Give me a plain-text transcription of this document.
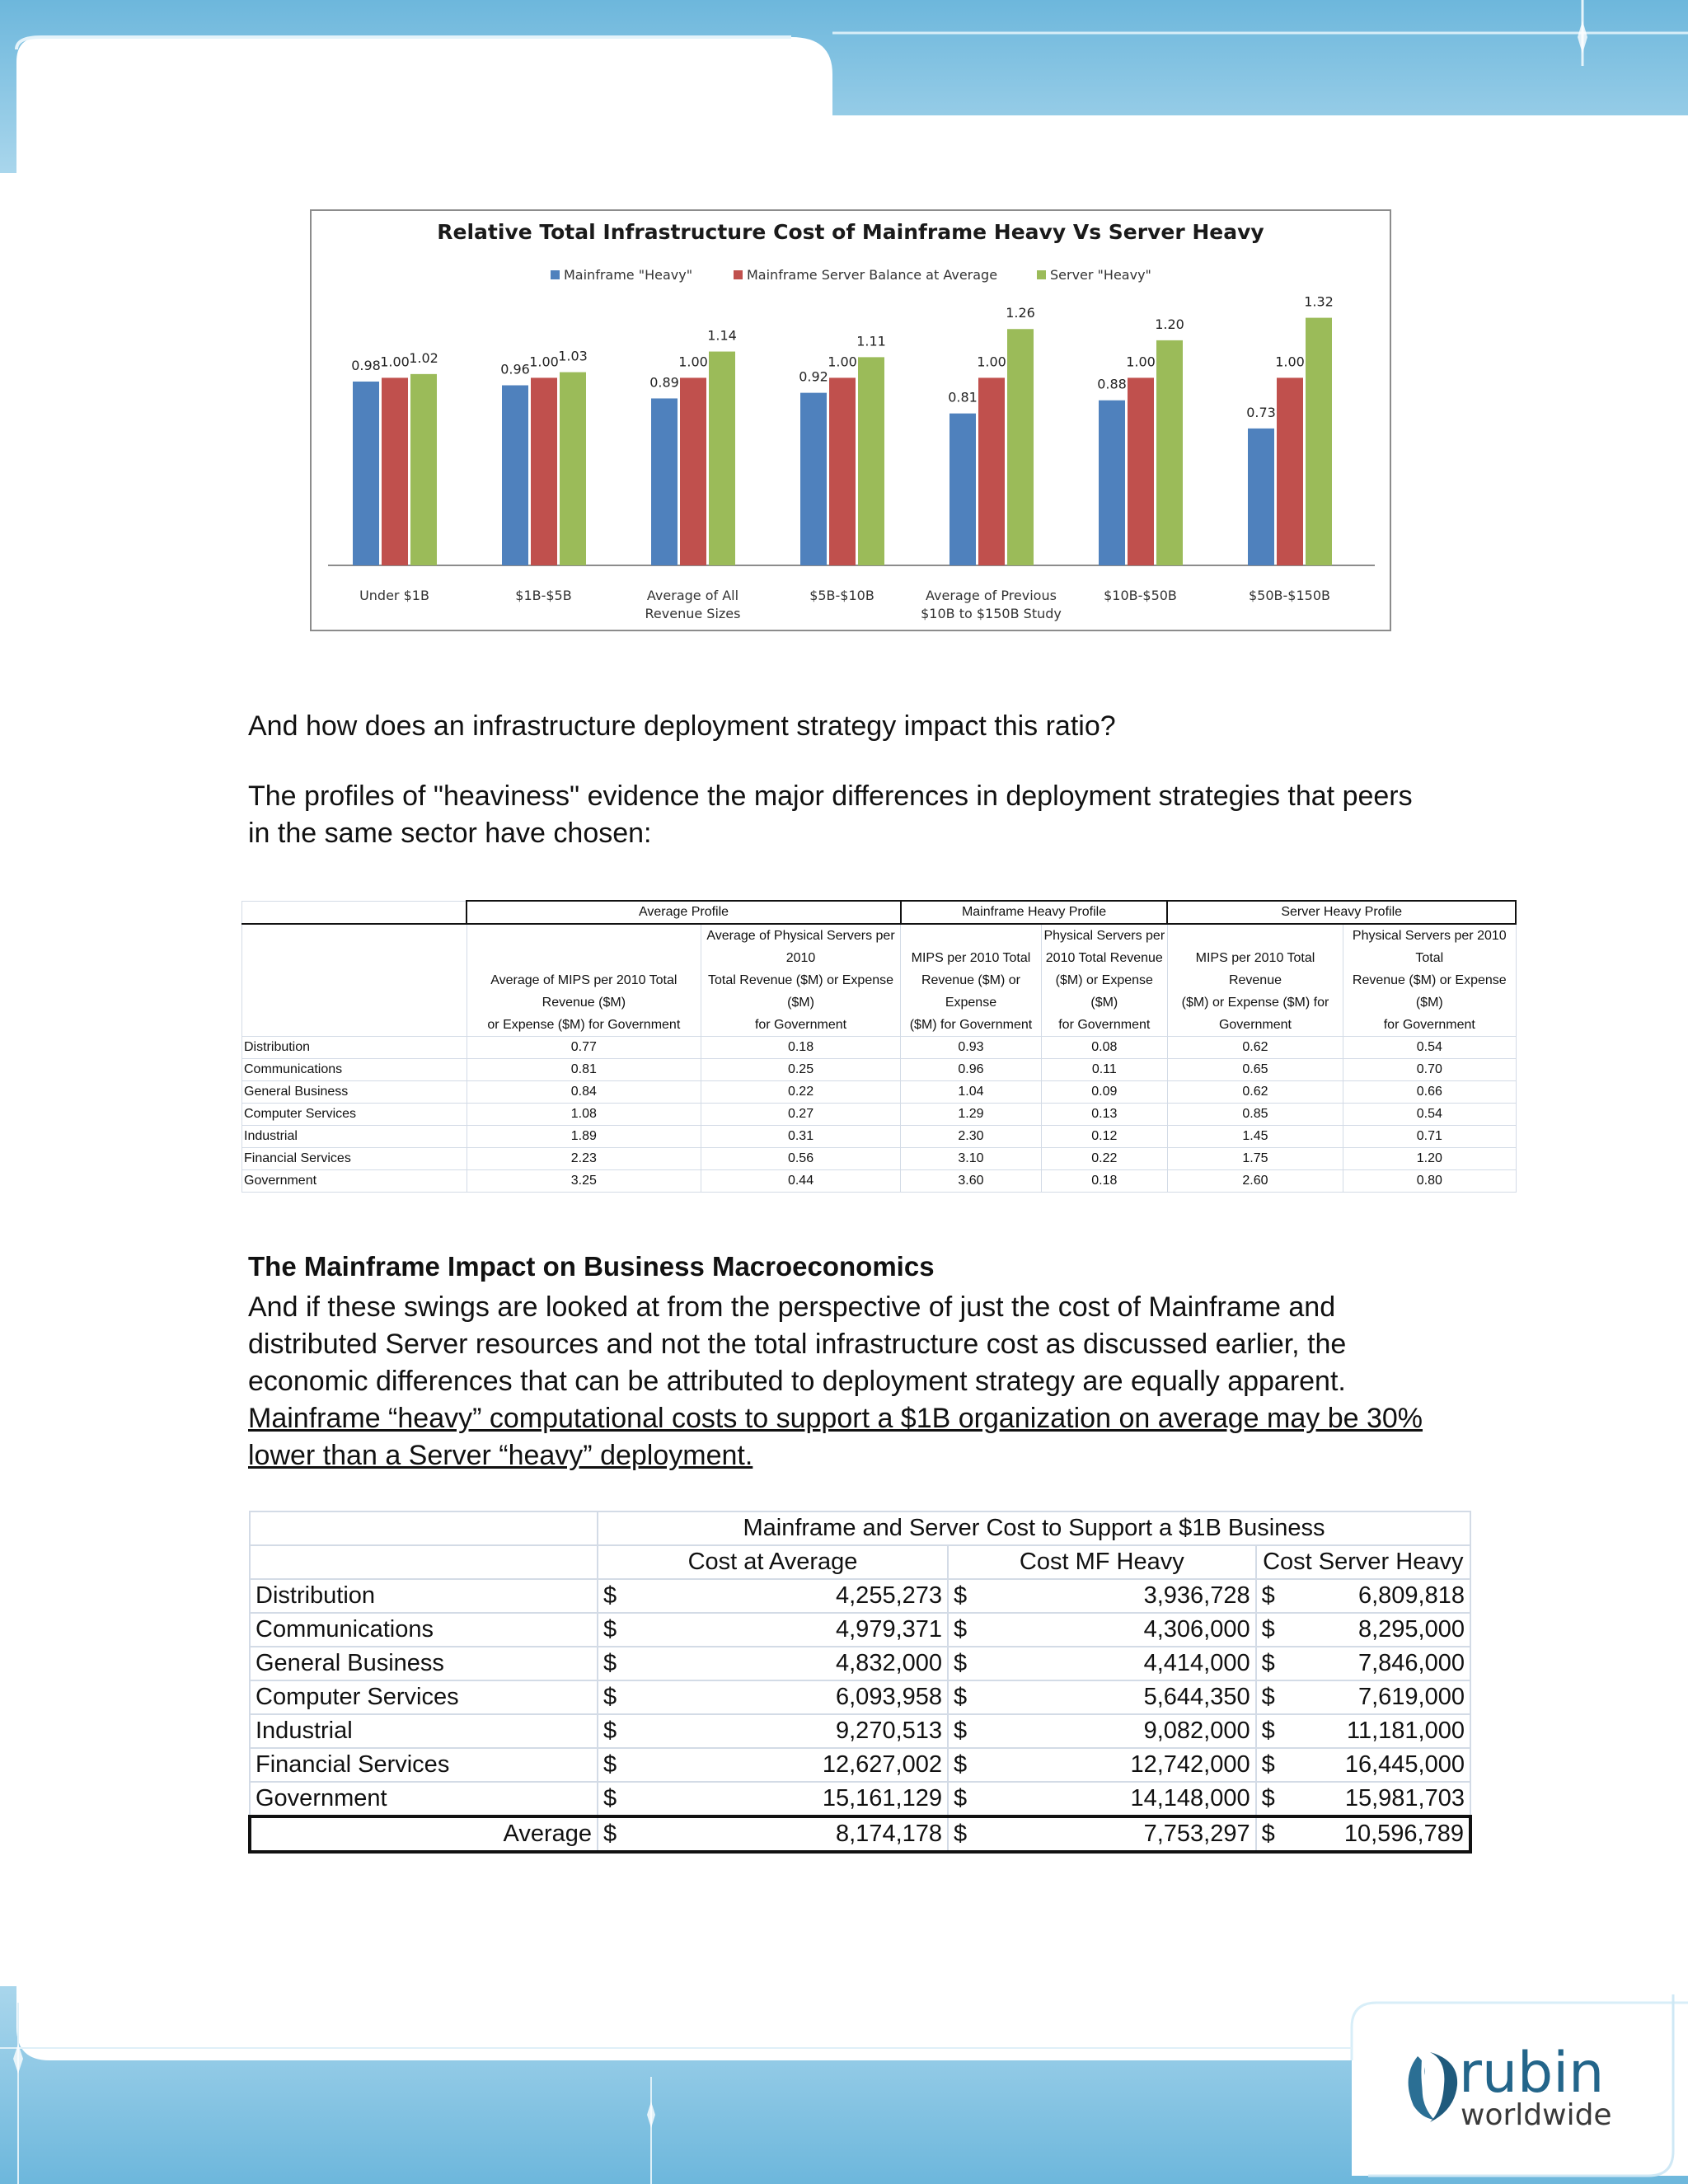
Relative Total Infrastructure Cost of Mainframe Heavy Vs Server Heavy
Mainframe "Heavy"	Mainframe Server Balance at Average	Server "Heavy"
0.98 1.00 1.02
0.96 1.00 1.03
0.89
1.00
1.14
0.92
1.00
1.11
0.81
1.00
1.26
0.88
1.00
1.20
0.73
1.00
1.32
Under $1B	$1B-$5B	Average of All
Revenue Sizes
$5B-$10B	Average of Previous
$10B to $150B Study
$10B-$50B	$50B-$150B

And how does an infrastructure deployment strategy impact this ratio?

The profiles of "heaviness" evidence the major differences in deployment strategies that peers

in the same sector have chosen:

	Average Profile		Mainframe Heavy Profile		Server Heavy Profile	
	Average of MIPS per 2010 Total Revenue ($M)
or Expense ($M) for Government	Average of Physical Servers per 2010
Total Revenue ($M) or Expense ($M)
for Government	MIPS per 2010 Total
Revenue ($M) or Expense
($M) for Government	Physical Servers per
2010 Total Revenue
($M) or Expense ($M)
for Government	MIPS per 2010 Total Revenue
($M) or Expense ($M) for
Government	Physical Servers per 2010 Total
Revenue ($M) or Expense ($M)
for Government
Distribution	0.77	0.18	0.93	0.08	0.62	0.54
Communications	0.81	0.25	0.96	0.11	0.65	0.70
General Business	0.84	0.22	1.04	0.09	0.62	0.66
Computer Services	1.08	0.27	1.29	0.13	0.85	0.54
Industrial	1.89	0.31	2.30	0.12	1.45	0.71
Financial Services	2.23	0.56	3.10	0.22	1.75	1.20
Government	3.25	0.44	3.60	0.18	2.60	0.80
The Mainframe Impact on Business Macroeconomics

And if these swings are looked at from the perspective of just the cost of Mainframe and

distributed Server resources and not the total infrastructure cost as discussed earlier, the

economic differences that can be attributed to deployment strategy are equally apparent.

Mainframe “heavy” computational costs to support a $1B organization on average may be 30%

lower than a Server “heavy” deployment.

	Mainframe and Server Cost to Support a $1B Business					
	Cost at Average		Cost MF Heavy		Cost Server Heavy	
Distribution	$	4,255,273	$	3,936,728	$	6,809,818
Communications	$	4,979,371	$	4,306,000	$	8,295,000
General Business	$	4,832,000	$	4,414,000	$	7,846,000
Computer Services	$	6,093,958	$	5,644,350	$	7,619,000
Industrial	$	9,270,513	$	9,082,000	$	11,181,000
Financial Services	$	12,627,002	$	12,742,000	$	16,445,000
Government	$	15,161,129	$	14,148,000	$	15,981,703
Average	$	8,174,178	$	7,753,297	$	10,596,789
rubin
worldwide
